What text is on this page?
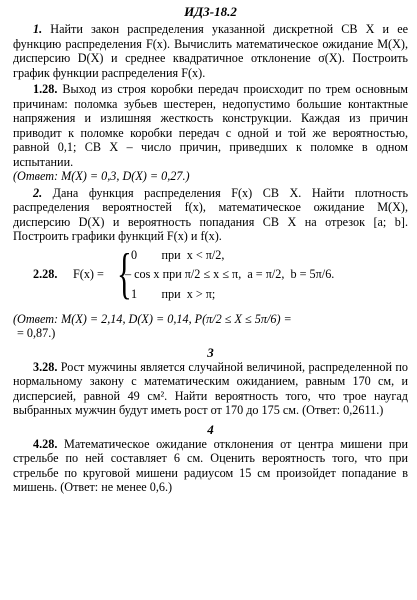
ИДЗ-18.2

1. Найти закон распределения указанной дискретной СВ X и ее функцию распределения F(x). Вычислить математическое ожидание M(X), дисперсию D(X) и среднее квадратичное отклонение σ(X). Построить график функции распределения F(x).

1.28. Выход из строя коробки передач происходит по трем основным причинам: поломка зубьев шестерен, недопустимо большие контактные напряжения и излишняя жесткость конструкции. Каждая из причин приводит к поломке коробки передач с одной и той же вероятностью, равной 0,1; СВ X – число причин, приведших к поломке в одном испытании.
(Ответ: M(X) = 0,3, D(X) = 0,27.)

2. Дана функция распределения F(x) СВ X. Найти плотность распределения вероятностей f(x), математическое ожидание M(X), дисперсию D(X) и вероятность попадания СВ X на отрезок [a; b]. Построить графики функций F(x) и f(x).

2.28. F(x) = { 0        при  x < π/2,
– cos x при π/2 ≤ x ≤ π,  a = π/2,  b = 5π/6.
1        при  x > π;

(Ответ: M(X) = 2,14, D(X) = 0,14, P(π/2 ≤ X ≤ 5π/6) =
= 0,87.)

3

3.28. Рост мужчины является случайной величиной, распределенной по нормальному закону с математическим ожиданием, равным 170 см, и дисперсией, равной 49 см². Найти вероятность того, что трое наугад выбранных мужчин будут иметь рост от 170 до 175 см. (Ответ: 0,2611.)

4

4.28. Математическое ожидание отклонения от центра мишени при стрельбе по ней составляет 6 см. Оценить вероятность того, что при стрельбе по круговой мишени радиусом 15 см произойдет попадание в мишень. (Ответ: не менее 0,6.)
